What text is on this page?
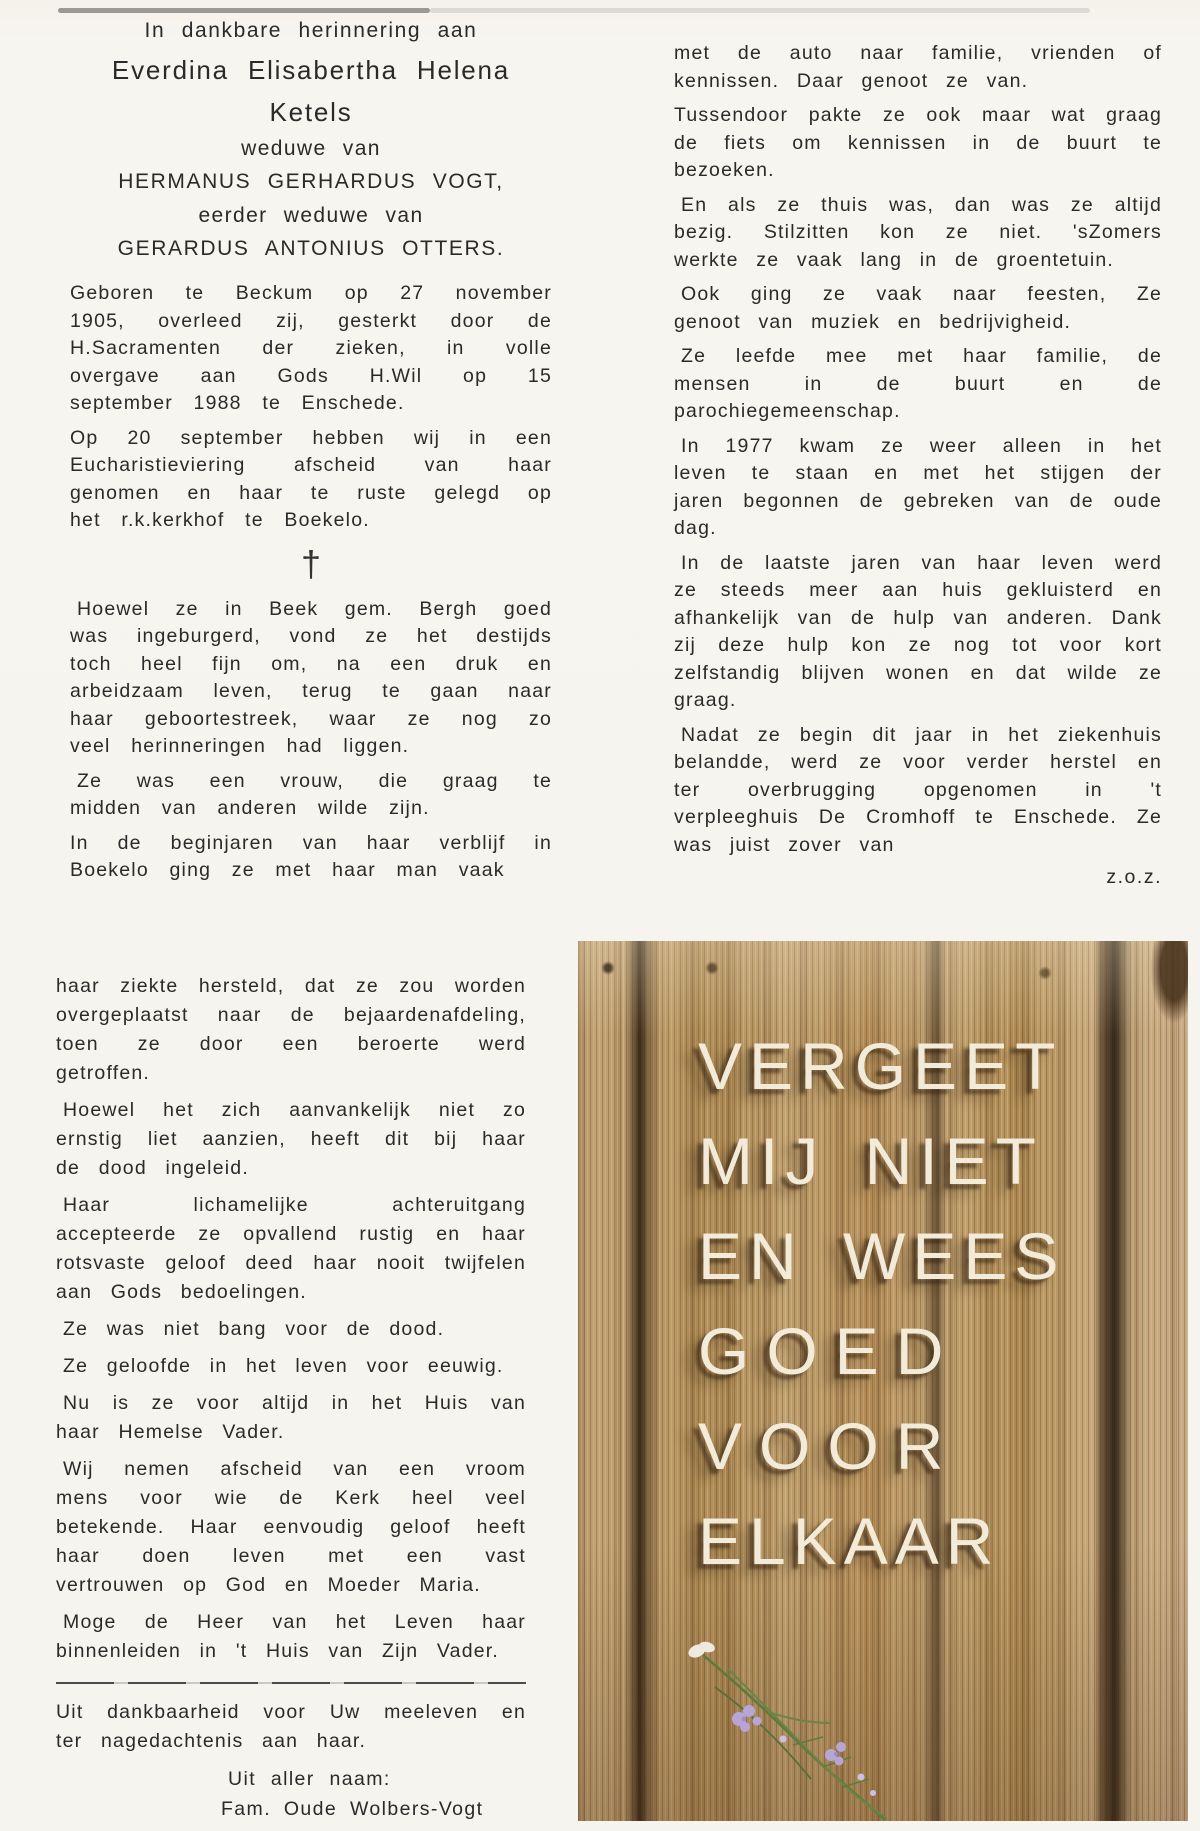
In dankbare herinnering aan

Everdina Elisabertha Helena

Ketels

weduwe van

HERMANUS GERHARDUS VOGT,

eerder weduwe van

GERARDUS ANTONIUS OTTERS.

Geboren te Beckum op 27 november 1905, overleed zij, gesterkt door de H.Sacramenten der zieken, in volle overgave aan Gods H.Wil op 15 september 1988 te Enschede.

Op 20 september hebben wij in een Eucharistieviering afscheid van haar genomen en haar te ruste gelegd op het r.k.kerkhof te Boekelo.

†

Hoewel ze in Beek gem. Bergh goed was ingeburgerd, vond ze het destijds toch heel fijn om, na een druk en arbeidzaam leven, terug te gaan naar haar geboortestreek, waar ze nog zo veel herinneringen had liggen.

Ze was een vrouw, die graag te midden van anderen wilde zijn.

In de beginjaren van haar verblijf in Boekelo ging ze met haar man vaak

met de auto naar familie, vrienden of kennissen. Daar genoot ze van.

Tussendoor pakte ze ook maar wat graag de fiets om kennissen in de buurt te bezoeken.

En als ze thuis was, dan was ze altijd bezig. Stilzitten kon ze niet. 'sZomers werkte ze vaak lang in de groentetuin.

Ook ging ze vaak naar feesten, Ze genoot van muziek en bedrijvigheid.

Ze leefde mee met haar familie, de mensen in de buurt en de parochiegemeenschap.

In 1977 kwam ze weer alleen in het leven te staan en met het stijgen der jaren begonnen de gebreken van de oude dag.

In de laatste jaren van haar leven werd ze steeds meer aan huis gekluisterd en afhankelijk van de hulp van anderen. Dank zij deze hulp kon ze nog tot voor kort zelfstandig blijven wonen en dat wilde ze graag.

Nadat ze begin dit jaar in het ziekenhuis belandde, werd ze voor verder herstel en ter overbrugging opgenomen in 't verpleeghuis De Cromhoff te Enschede. Ze was juist zover van

z.o.z.

haar ziekte hersteld, dat ze zou worden overgeplaatst naar de bejaardenafdeling, toen ze door een beroerte werd getroffen.

Hoewel het zich aanvankelijk niet zo ernstig liet aanzien, heeft dit bij haar de dood ingeleid.

Haar lichamelijke achteruitgang accepteerde ze opvallend rustig en haar rotsvaste geloof deed haar nooit twijfelen aan Gods bedoelingen.

Ze was niet bang voor de dood.

Ze geloofde in het leven voor eeuwig.

Nu is ze voor altijd in het Huis van haar Hemelse Vader.

Wij nemen afscheid van een vroom mens voor wie de Kerk heel veel betekende. Haar eenvoudig geloof heeft haar doen leven met een vast vertrouwen op God en Moeder Maria.

Moge de Heer van het Leven haar binnenleiden in 't Huis van Zijn Vader.

Uit dankbaarheid voor Uw meeleven en ter nagedachtenis aan haar.

Uit aller naam:

Fam. Oude Wolbers-Vogt

VERGEET
MIJ NIET
EN WEES
GOED
VOOR
ELKAAR
